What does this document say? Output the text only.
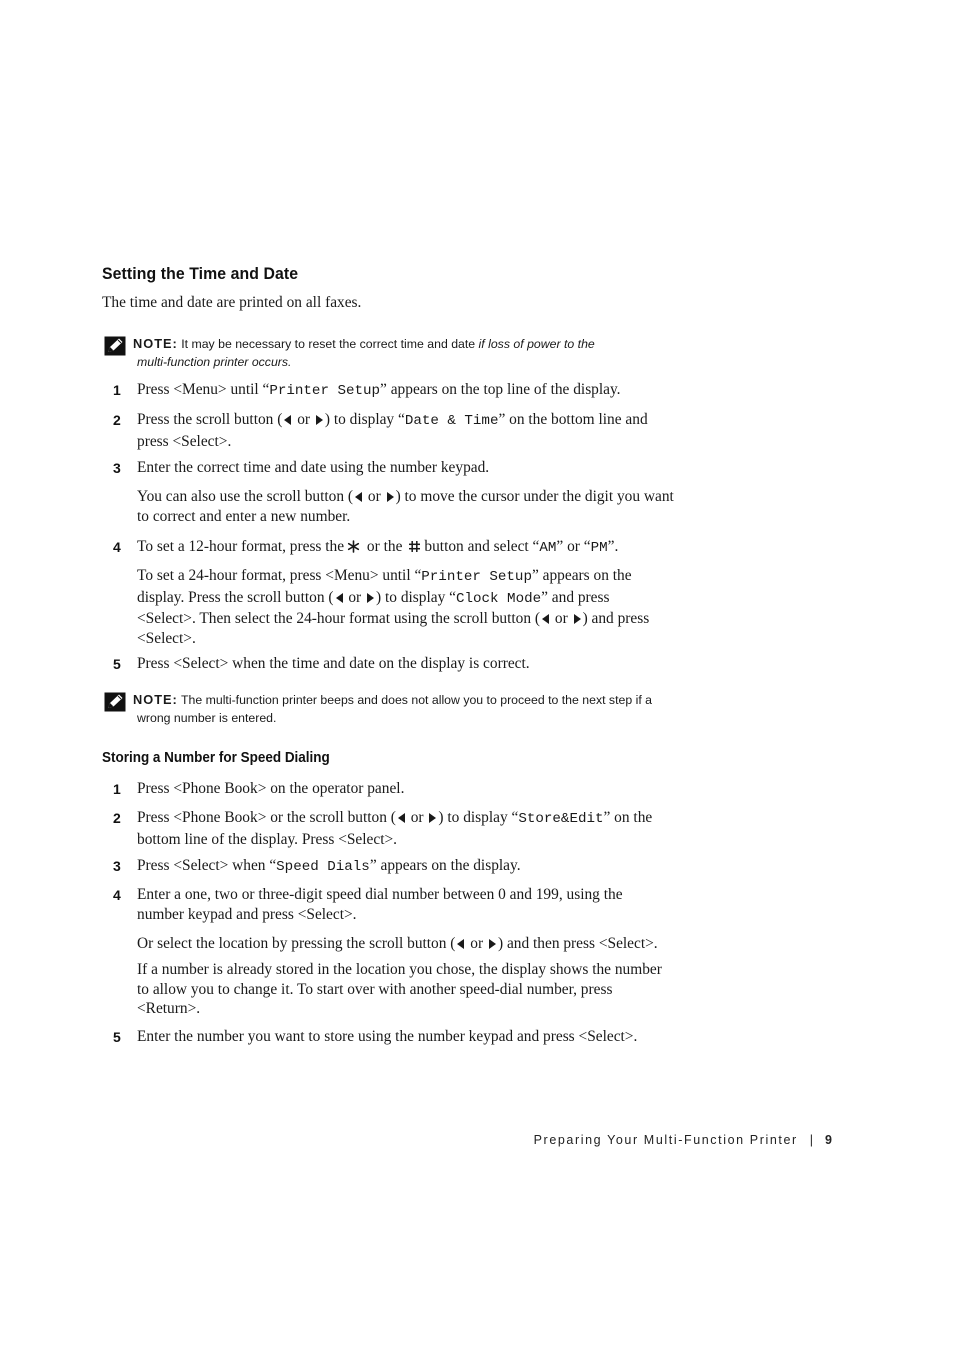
Setting the Time and Date
The time and date are printed on all faxes.
NOTE: It may be necessary to reset the correct time and date if loss of power to the
multi-function printer occurs.
1 Press <Menu> until “Printer Setup” appears on the top line of the display.
2 Press the scroll button ( or ) to display “Date & Time” on the bottom line and
press <Select>.
3 Enter the correct time and date using the number keypad.
You can also use the scroll button ( or ) to move the cursor under the digit you want
to correct and enter a new number.
4 To set a 12-hour format, press the or the button and select “AM” or “PM”.
To set a 24-hour format, press <Menu> until “Printer Setup” appears on the
display. Press the scroll button ( or ) to display “Clock Mode” and press
<Select>. Then select the 24-hour format using the scroll button ( or ) and press
<Select>.
5 Press <Select> when the time and date on the display is correct.
NOTE: The multi-function printer beeps and does not allow you to proceed to the next step if a
wrong number is entered.
Storing a Number for Speed Dialing
1 Press <Phone Book> on the operator panel.
2 Press <Phone Book> or the scroll button ( or ) to display “Store&Edit” on the
bottom line of the display. Press <Select>.
3 Press <Select> when “Speed Dials” appears on the display.
4 Enter a one, two or three-digit speed dial number between 0 and 199, using the
number keypad and press <Select>.
Or select the location by pressing the scroll button ( or ) and then press <Select>.
If a number is already stored in the location you chose, the display shows the number
to allow you to change it. To start over with another speed-dial number, press
<Return>.
5 Enter the number you want to store using the number keypad and press <Select>.
Preparing Your Multi-Function Printer | 9
